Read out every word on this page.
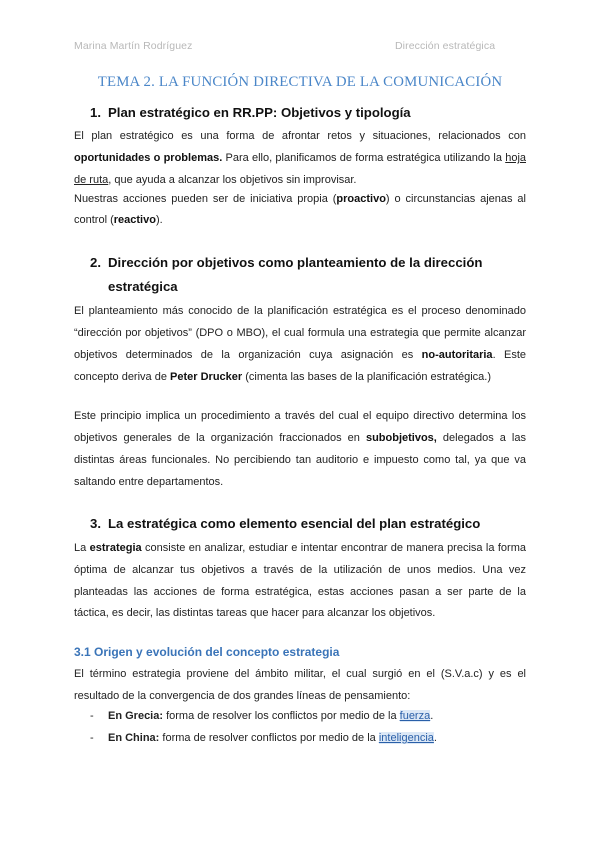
Marina Martín Rodríguez	Dirección estratégica
TEMA 2. LA FUNCIÓN DIRECTIVA DE LA COMUNICACIÓN
1. Plan estratégico en RR.PP: Objetivos y tipología
El plan estratégico es una forma de afrontar retos y situaciones, relacionados con
oportunidades o problemas. Para ello, planificamos de forma estratégica utilizando la hoja
de ruta, que ayuda a alcanzar los objetivos sin improvisar.
Nuestras acciones pueden ser de iniciativa propia (proactivo) o circunstancias ajenas al
control (reactivo).
2. Dirección por objetivos como planteamiento de la dirección
estratégica
El planteamiento más conocido de la planificación estratégica es el proceso denominado
“dirección por objetivos” (DPO o MBO), el cual formula una estrategia que permite alcanzar
objetivos determinados de la organización cuya asignación es no-autoritaria. Este
concepto deriva de Peter Drucker (cimenta las bases de la planificación estratégica.)
Este principio implica un procedimiento a través del cual el equipo directivo determina los
objetivos generales de la organización fraccionados en subobjetivos, delegados a las
distintas áreas funcionales. No percibiendo tan auditorio e impuesto como tal, ya que va
saltando entre departamentos.
3. La estratégica como elemento esencial del plan estratégico
La estrategia consiste en analizar, estudiar e intentar encontrar de manera precisa la forma
óptima de alcanzar tus objetivos a través de la utilización de unos medios. Una vez
planteadas las acciones de forma estratégica, estas acciones pasan a ser parte de la
táctica, es decir, las distintas tareas que hacer para alcanzar los objetivos.
3.1 Origen y evolución del concepto estrategia
El término estrategia proviene del ámbito militar, el cual surgió en el (S.V.a.c) y es el
resultado de la convergencia de dos grandes líneas de pensamiento:
- En Grecia: forma de resolver los conflictos por medio de la fuerza.
- En China: forma de resolver conflictos por medio de la inteligencia.
